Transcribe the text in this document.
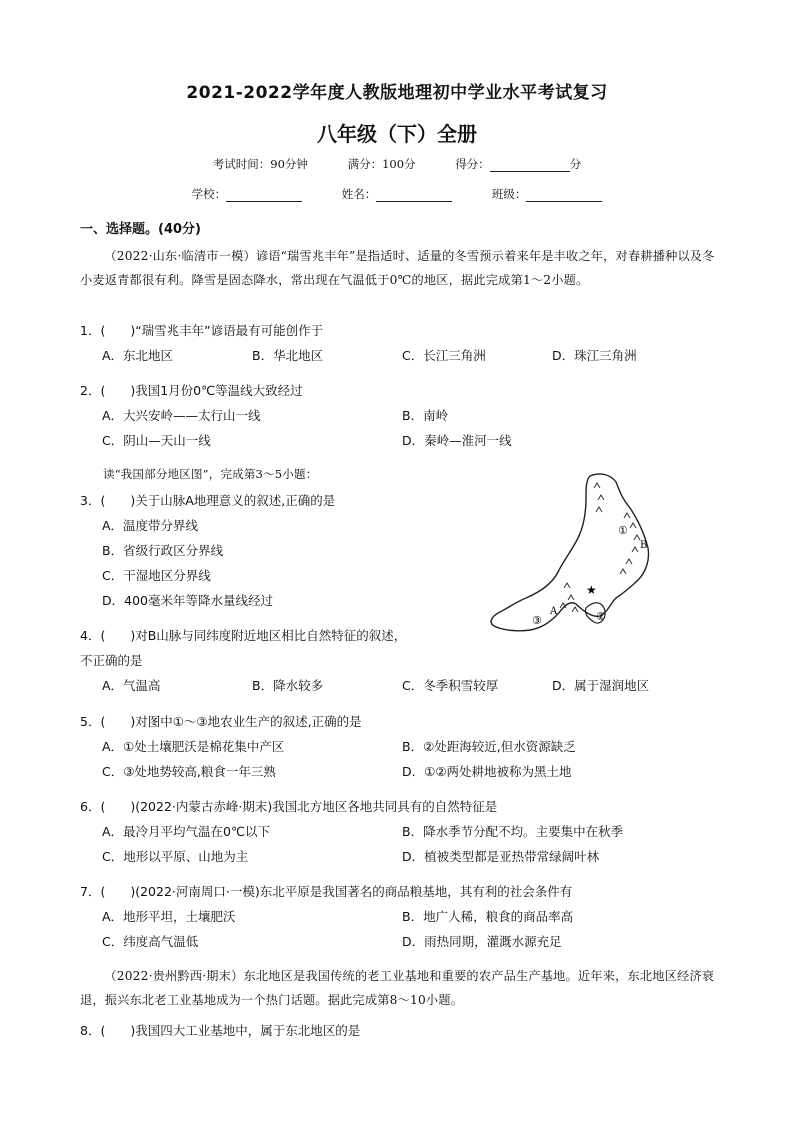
2021-2022学年度人教版地理初中学业水平考试复习
八年级（下）全册
考试时间：90分钟	满分：100分	得分：	分
学校：	姓名：	班级：
一、选择题。(40分)
（2022·山东·临清市一模）谚语“瑞雪兆丰年”是指适时、适量的冬雪预示着来年是丰收之年，对春耕播种以及冬小麦返青都很有利。降雪是固态降水，常出现在气温低于0℃的地区，据此完成第1～2小题。
1．(　　)“瑞雪兆丰年”谚语最有可能创作于
A．东北地区	B．华北地区	C．长江三角洲	D．珠江三角洲
2．(　　)我国1月份0℃等温线大致经过
A．大兴安岭——太行山一线	B．南岭
C．阴山—天山一线	D．秦岭—淮河一线
读“我国部分地区图”，完成第3～5小题：
3．(　　)关于山脉A地理意义的叙述,正确的是
A．温度带分界线
B．省级行政区分界线
C．干湿地区分界线
D．400毫米年等降水量线经过
★
①
B
A
③	②
4．(　　)对B山脉与同纬度附近地区相比自然特征的叙述，
不正确的是
A．气温高	B．降水较多	C．冬季积雪较厚	D．属于湿润地区
5．(　　)对图中①～③地农业生产的叙述,正确的是
A．①处土壤肥沃是棉花集中产区	B．②处距海较近,但水资源缺乏
C．③处地势较高,粮食一年三熟	D．①②两处耕地被称为黑土地
6．(　　)(2022·内蒙古赤峰·期末)我国北方地区各地共同具有的自然特征是
A．最冷月平均气温在0℃以下	B．降水季节分配不均。主要集中在秋季
C．地形以平原、山地为主	D．植被类型都是亚热带常绿阔叶林
7．(　　)(2022·河南周口·一模)东北平原是我国著名的商品粮基地，其有利的社会条件有
A．地形平坦，土壤肥沃	B．地广人稀，粮食的商品率高
C．纬度高气温低	D．雨热同期，灌溉水源充足
（2022·贵州黔西·期末）东北地区是我国传统的老工业基地和重要的农产品生产基地。近年来，东北地区经济衰退，振兴东北老工业基地成为一个热门话题。据此完成第8～10小题。
8．(　　)我国四大工业基地中，属于东北地区的是
